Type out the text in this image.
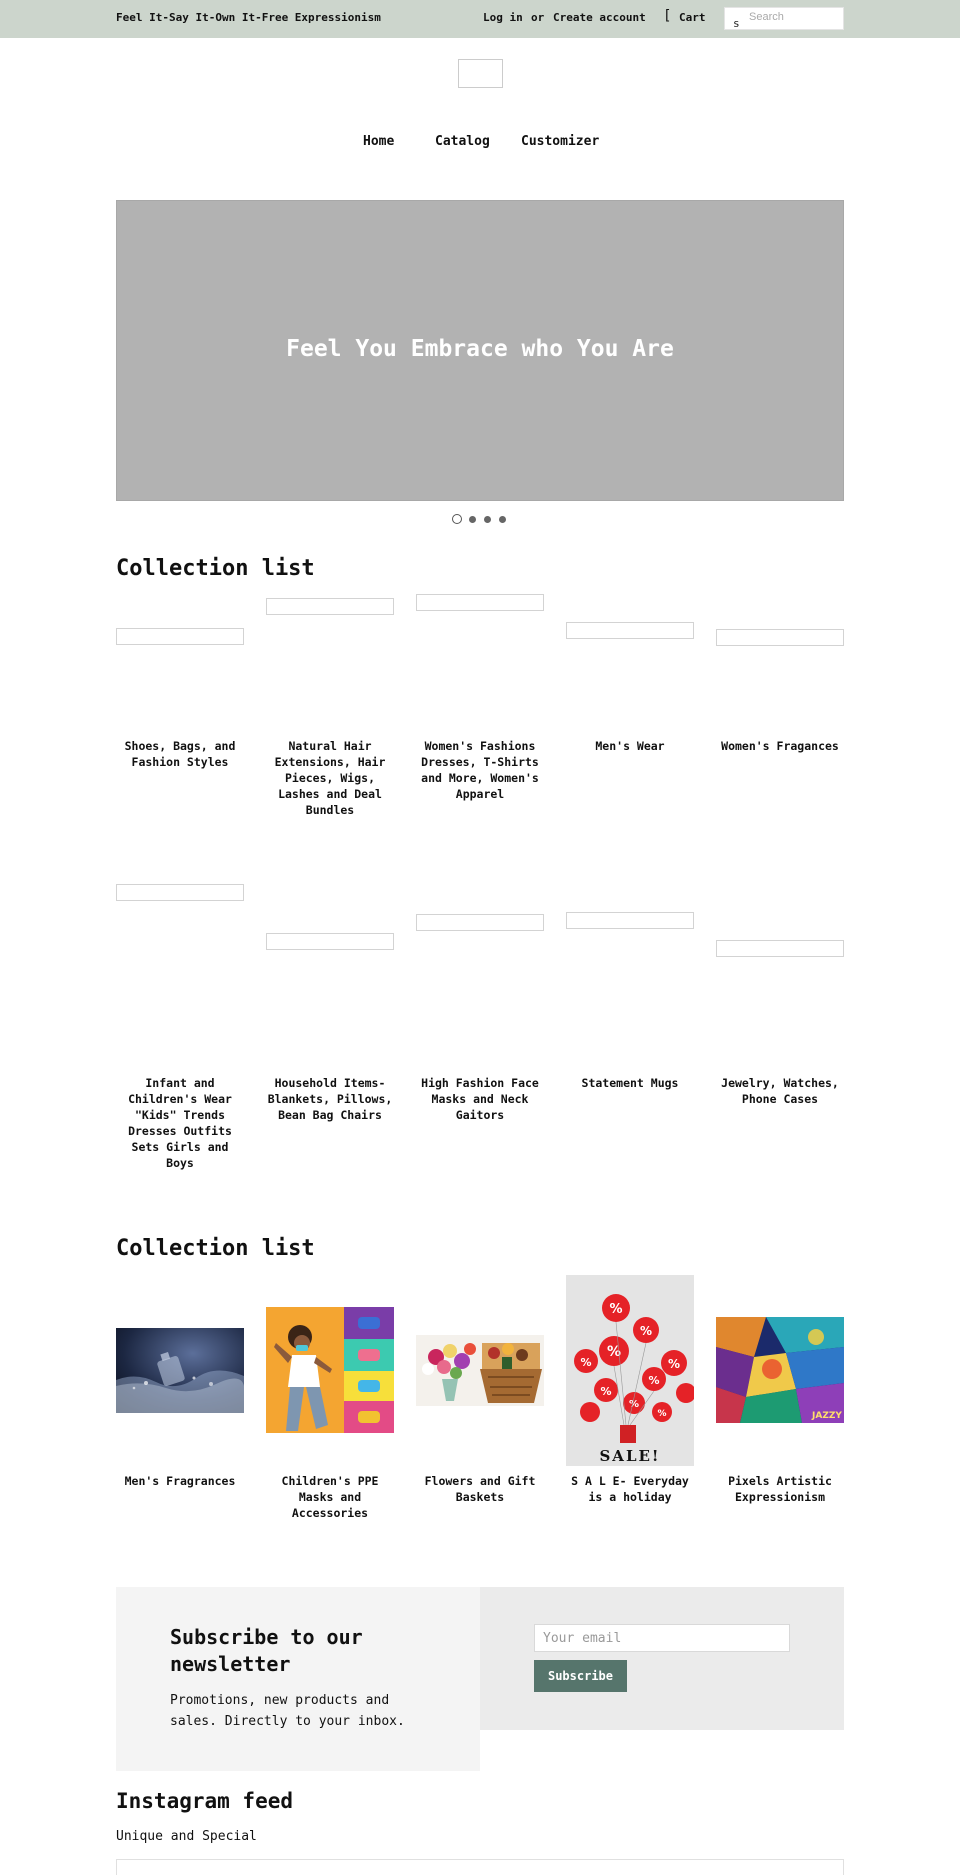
Feel It-Say It-Own It-Free Expressionism	Log in or Create account [ Cart	s Search
Home	Catalog Customizer
Feel You Embrace who You Are
Collection list
Shoes, Bags, and Fashion Styles
Natural Hair Extensions, Hair Pieces, Wigs, Lashes and Deal Bundles
Women's Fashions Dresses, T-Shirts and More, Women's Apparel
Men's Wear	Women's Fragances
Infant and Children's Wear "Kids" Trends Dresses Outfits Sets Girls and Boys
Household Items-Blankets, Pillows, Bean Bag Chairs
High Fashion Face Masks and Neck Gaitors
Statement Mugs	Jewelry, Watches, Phone Cases
Collection list
%
%
%
%	%
%
%
%
%
SALE!
JAZZY
Men's Fragrances	Children's PPE Masks and Accessories
Flowers and Gift Baskets
S A L E- Everyday is a holiday
Pixels Artistic Expressionism
Subscribe to our newsletter

Promotions, new products and sales. Directly to your inbox.

Your email
Subscribe
Instagram feed

Unique and Special
